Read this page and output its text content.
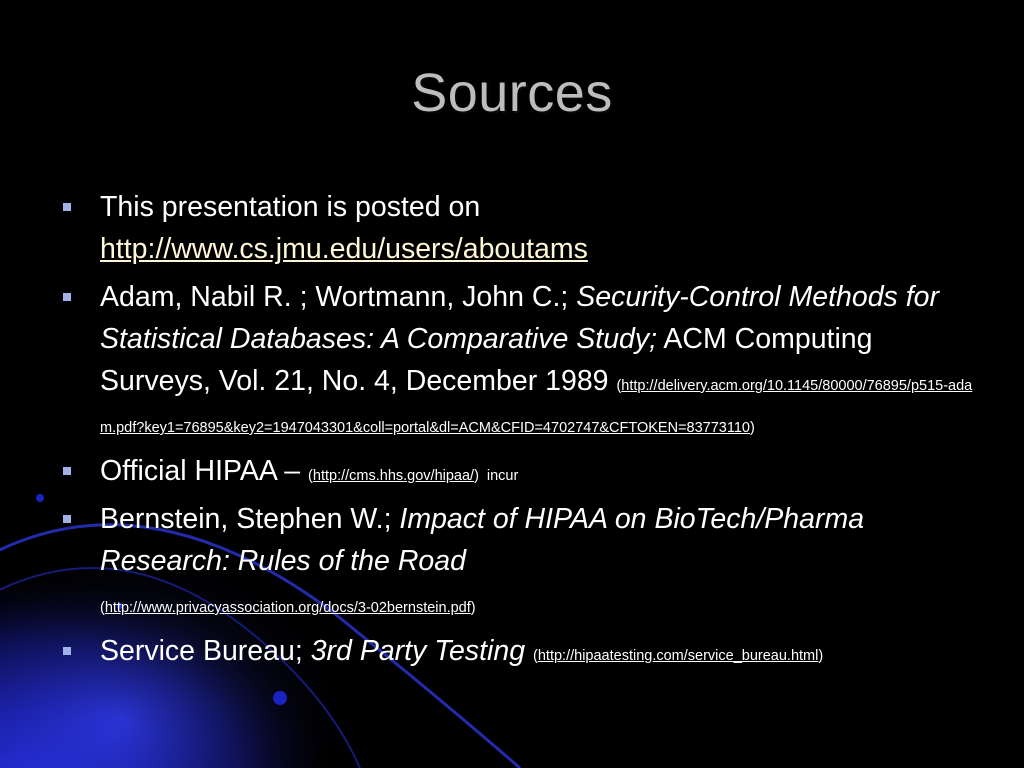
Sources
This presentation is posted on
http://www.cs.jmu.edu/users/aboutams
Adam, Nabil R. ; Wortmann, John C.; Security-Control Methods for Statistical Databases: A Comparative Study; ACM Computing Surveys, Vol. 21, No. 4, December 1989 (http://delivery.acm.org/10.1145/80000/76895/p515-adam.pdf?key1=76895&key2=1947043301&coll=portal&dl=ACM&CFID=4702747&CFTOKEN=83773110)
Official HIPAA – (http://cms.hhs.gov/hipaa/) incur
Bernstein, Stephen W.; Impact of HIPAA on BioTech/Pharma Research: Rules of the Road
(http://www.privacyassociation.org/docs/3-02bernstein.pdf)
Service Bureau; 3rd Party Testing (http://hipaatesting.com/service_bureau.html)
